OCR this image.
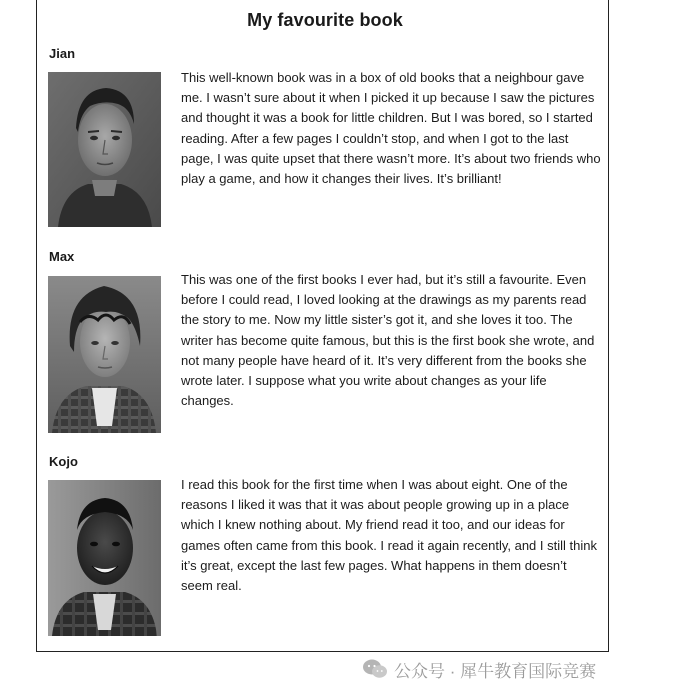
My favourite book
Jian

This well-known book was in a box of old books that a neighbour gave me. I wasn’t sure about it when I picked it up because I saw the pictures and thought it was a book for little children. But I was bored, so I started reading. After a few pages I couldn’t stop, and when I got to the last page, I was quite upset that there wasn’t more. It’s about two friends who play a game, and how it changes their lives. It’s brilliant!

Max

This was one of the first books I ever had, but it’s still a favourite. Even before I could read, I loved looking at the drawings as my parents read the story to me. Now my little sister’s got it, and she loves it too. The writer has become quite famous, but this is the first book she wrote, and not many people have heard of it. It’s very different from the books she wrote later. I suppose what you write about changes as your life changes.

Kojo

I read this book for the first time when I was about eight. One of the reasons I liked it was that it was about people growing up in a place which I knew nothing about. My friend read it too, and our ideas for games often came from this book. I read it again recently, and I still think it’s great, except the last few pages. What happens in them doesn’t seem real.

公众号 · 犀牛教育国际竞赛
